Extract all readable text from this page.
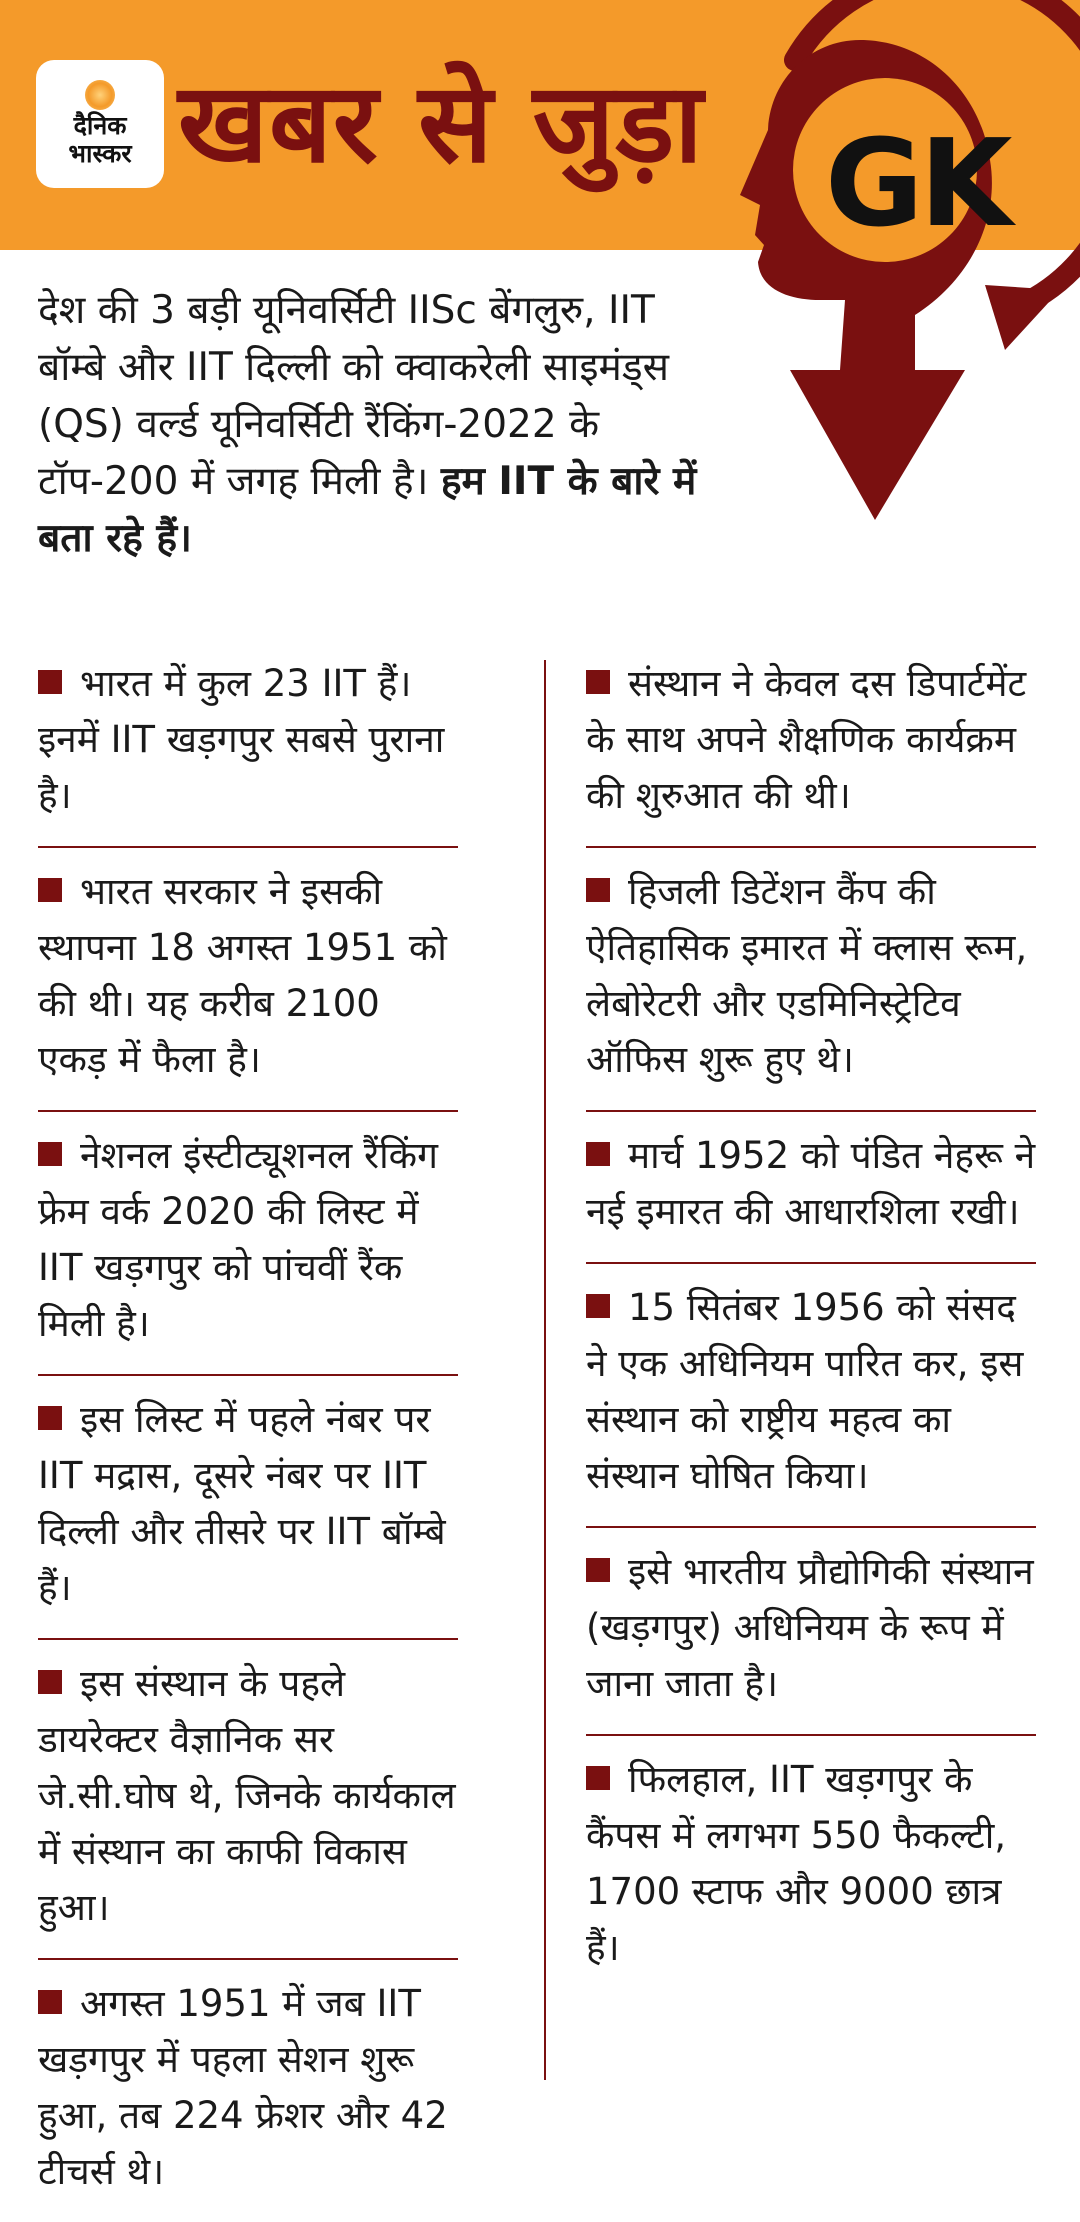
दैनिक
भास्कर खबर से जुड़ा GK
देश की 3 बड़ी यूनिवर्सिटी IISc बेंगलुरु, IIT बॉम्बे और IIT दिल्ली को क्वाकरेली साइमंड्स (QS) वर्ल्ड यूनिवर्सिटी रैंकिंग-2022 के टॉप-200 में जगह मिली है। हम IIT के बारे में बता रहे हैं।
भारत में कुल 23 IIT हैं। इनमें IIT खड़गपुर सबसे पुराना है।
भारत सरकार ने इसकी स्थापना 18 अगस्त 1951 को की थी। यह करीब 2100 एकड़ में फैला है।
नेशनल इंस्टीट्यूशनल रैंकिंग फ्रेम वर्क 2020 की लिस्ट में IIT खड़गपुर को पांचवीं रैंक मिली है।
इस लिस्ट में पहले नंबर पर IIT मद्रास, दूसरे नंबर पर IIT दिल्ली और तीसरे पर IIT बॉम्बे हैं।
इस संस्थान के पहले डायरेक्टर वैज्ञानिक सर जे.सी.घोष थे, जिनके कार्यकाल में संस्थान का काफी विकास हुआ।
अगस्त 1951 में जब IIT खड़गपुर में पहला सेशन शुरू हुआ, तब 224 फ्रेशर और 42 टीचर्स थे।
संस्थान ने केवल दस डिपार्टमेंट के साथ अपने शैक्षणिक कार्यक्रम की शुरुआत की थी।
हिजली डिटेंशन कैंप की ऐतिहासिक इमारत में क्लास रूम, लेबोरेटरी और एडमिनिस्ट्रेटिव ऑफिस शुरू हुए थे।
मार्च 1952 को पंडित नेहरू ने नई इमारत की आधारशिला रखी।
15 सितंबर 1956 को संसद ने एक अधिनियम पारित कर, इस संस्थान को राष्ट्रीय महत्व का संस्थान घोषित किया।
इसे भारतीय प्रौद्योगिकी संस्थान (खड़गपुर) अधिनियम के रूप में जाना जाता है।
फिलहाल, IIT खड़गपुर के कैंपस में लगभग 550 फैकल्टी, 1700 स्टाफ और 9000 छात्र हैं।
